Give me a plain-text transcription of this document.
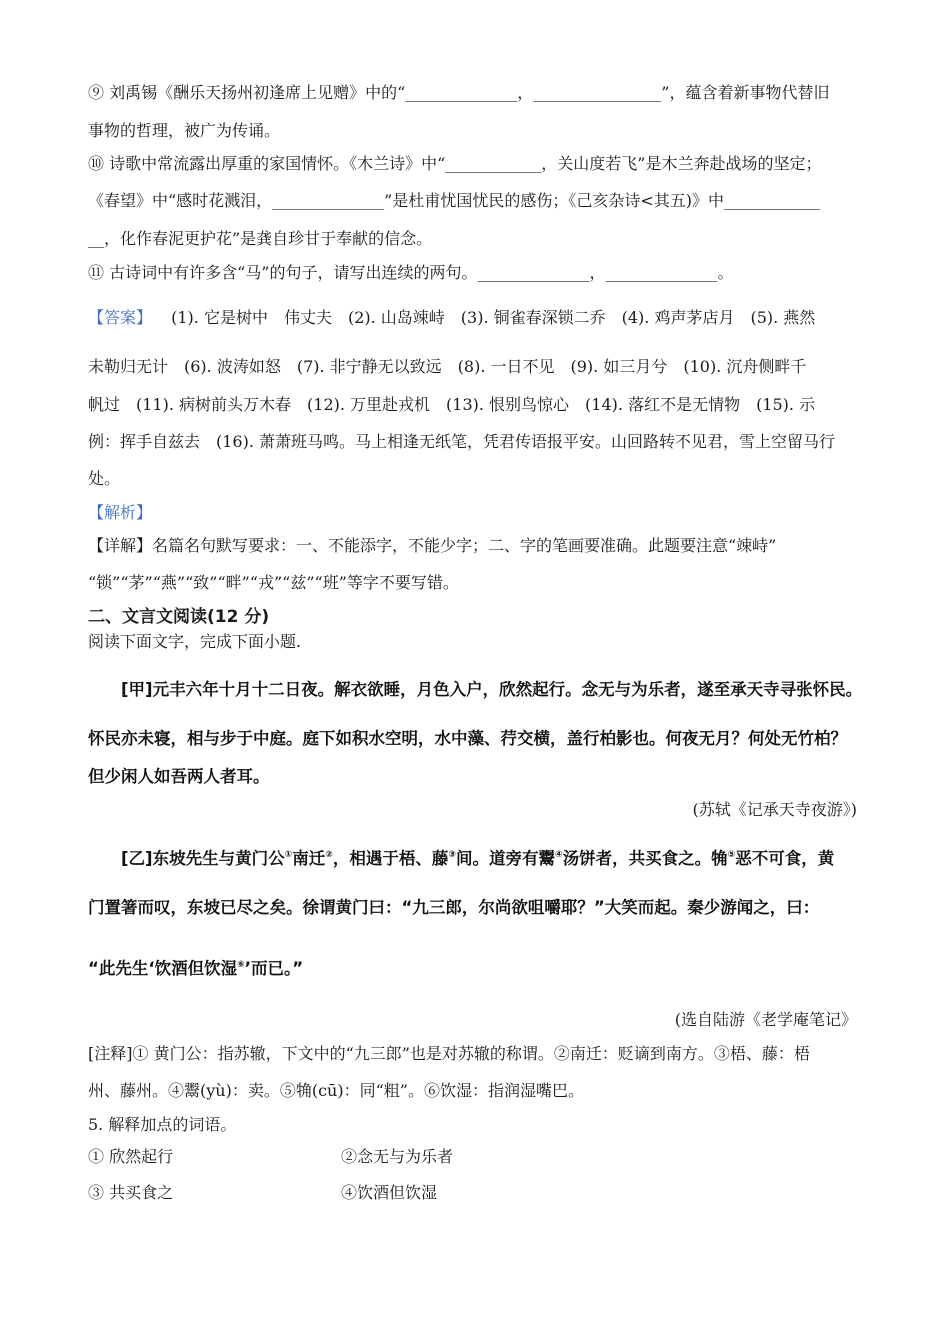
⑨ 刘禹锡《酬乐天扬州初逢席上见赠》中的“______________，________________”，蕴含着新事物代替旧
事物的哲理，被广为传诵。
⑩ 诗歌中常流露出厚重的家国情怀。《木兰诗》中“____________，关山度若飞”是木兰奔赴战场的坚定；
《春望》中“感时花溅泪，______________”是杜甫忧国忧民的感伤；《己亥杂诗<其五)》中____________
__，化作春泥更护花”是龚自珍甘于奉献的信念。
⑪ 古诗词中有许多含“马”的句子，请写出连续的两句。______________，______________。
【答案】 (1). 它是树中　伟丈夫　(2). 山岛竦峙　(3). 铜雀春深锁二乔　(4). 鸡声茅店月　(5). 燕然
未勒归无计　(6). 波涛如怒　(7). 非宁静无以致远　(8). 一日不见　(9). 如三月兮　(10). 沉舟侧畔千
帆过　(11). 病树前头万木春　(12). 万里赴戎机　(13). 恨别鸟惊心　(14). 落红不是无情物　(15). 示
例：挥手自兹去　(16). 萧萧班马鸣。马上相逢无纸笔，凭君传语报平安。山回路转不见君，雪上空留马行
处。
【解析】
【详解】名篇名句默写要求：一、不能添字，不能少字；二、字的笔画要准确。此题要注意“竦峙”
“锁”“茅”“燕”“致”“畔”“戎”“兹”“班”等字不要写错。
二、文言文阅读(12 分)
阅读下面文字，完成下面小题.
[甲]元丰六年十月十二日夜。解衣欲睡，月色入户，欣然起行。念无与为乐者，遂至承天寺寻张怀民。
怀民亦未寝，相与步于中庭。庭下如积水空明，水中藻、荇交横，盖行柏影也。何夜无月？何处无竹柏？
但少闲人如吾两人者耳。
(苏轼《记承天寺夜游》)
[乙]东坡先生与黄门公①南迁②，相遇于梧、藤③间。道旁有鬻④汤饼者，共买食之。觕⑤恶不可食，黄
门置箸而叹，东坡已尽之矣。徐谓黄门曰：“九三郎，尔尚欲咀嚼耶？”大笑而起。秦少游闻之，曰：
“此先生‘饮酒但饮湿⑥’而已。”
(选自陆游《老学庵笔记》
[注释]① 黄门公：指苏辙，下文中的“九三郎”也是对苏辙的称谓。②南迁：贬谪到南方。③梧、藤：梧
州、藤州。④鬻(yù)：卖。⑤觕(cū)：同“粗”。⑥饮湿：指润湿嘴巴。
5. 解释加点的词语。
① 欣然起行	②念无与为乐者
③ 共买食之	④饮酒但饮湿
